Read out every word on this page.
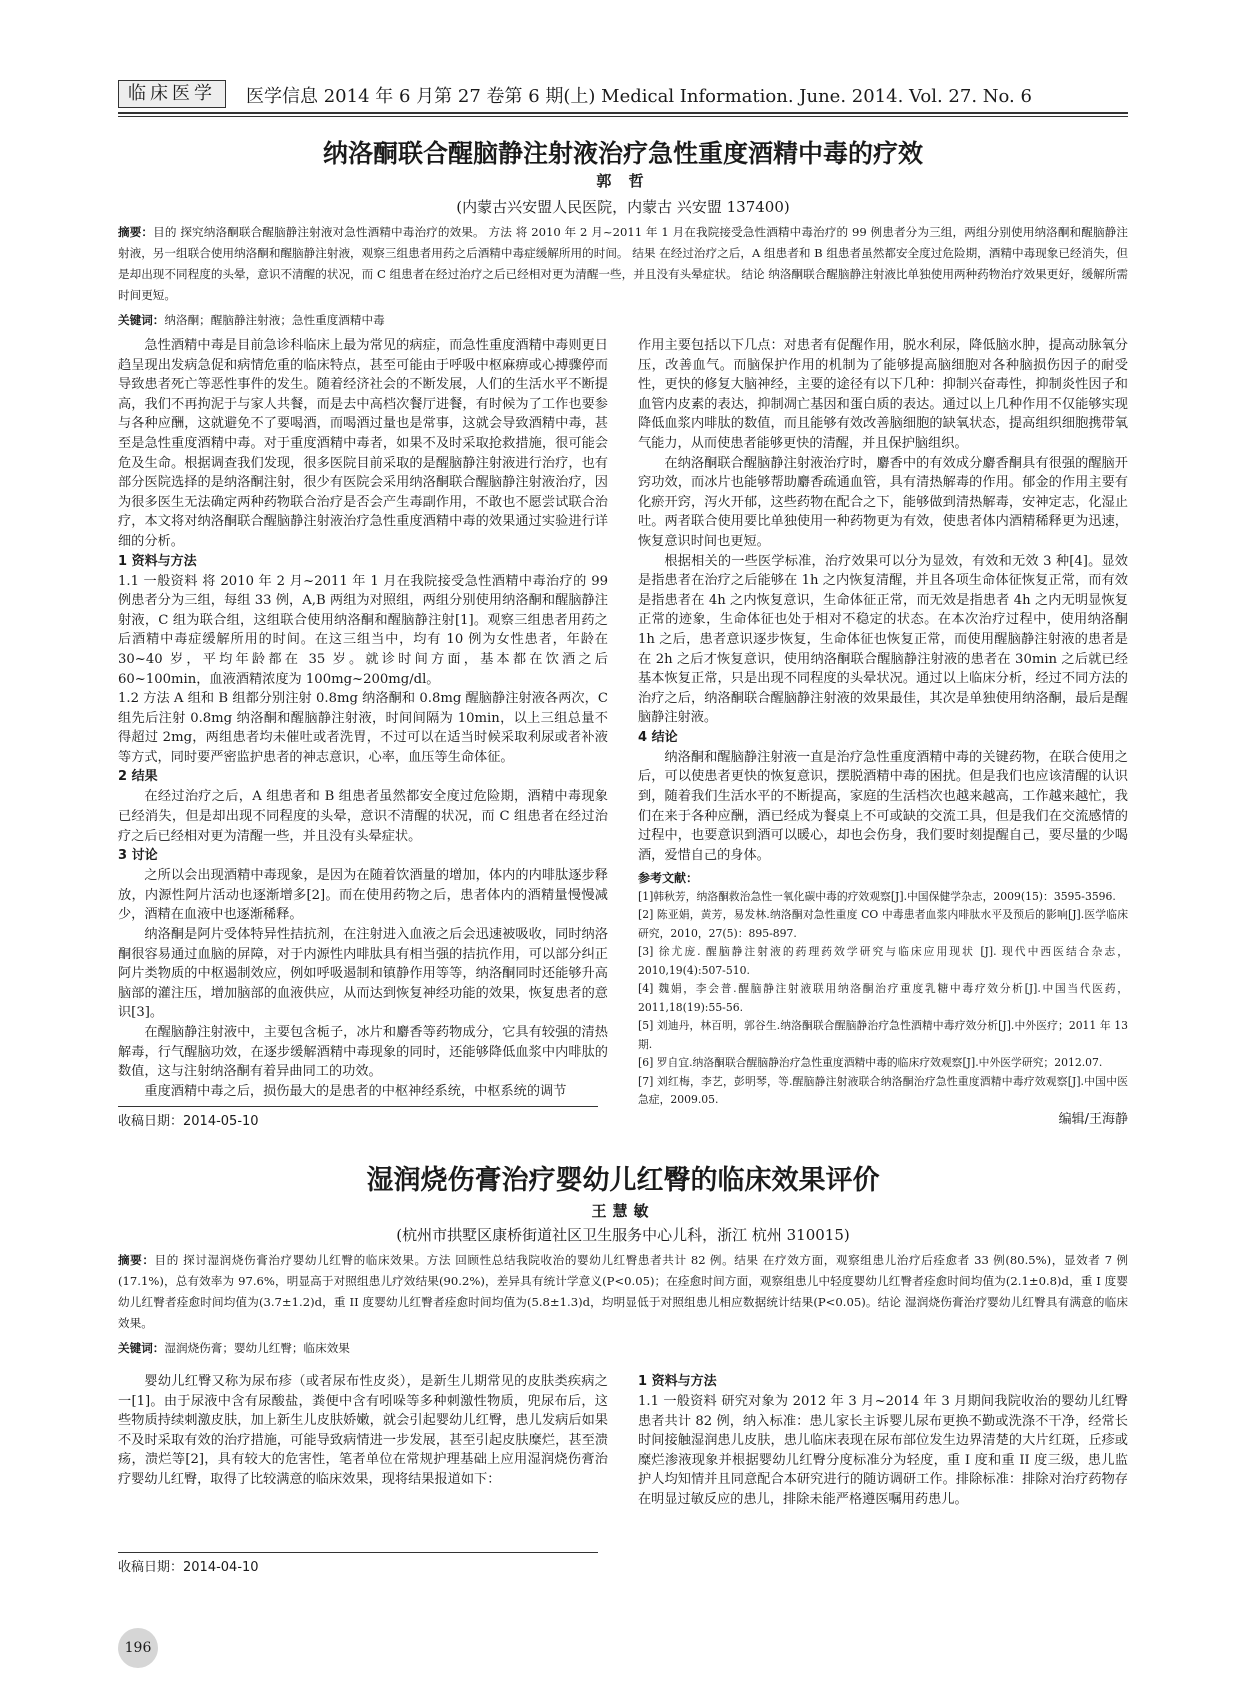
临床医学	医学信息 2014 年 6 月第 27 卷第 6 期(上) Medical Information. June. 2014. Vol. 27. No. 6
纳洛酮联合醒脑静注射液治疗急性重度酒精中毒的疗效
郭 哲
(内蒙古兴安盟人民医院，内蒙古 兴安盟 137400)
摘要：目的 探究纳洛酮联合醒脑静注射液对急性酒精中毒治疗的效果。 方法 将 2010 年 2 月~2011 年 1 月在我院接受急性酒精中毒治疗的 99 例患者分为三组，两组分别使用纳洛酮和醒脑静注射液，另一组联合使用纳洛酮和醒脑静注射液，观察三组患者用药之后酒精中毒症缓解所用的时间。 结果 在经过治疗之后，A 组患者和 B 组患者虽然都安全度过危险期，酒精中毒现象已经消失，但是却出现不同程度的头晕，意识不清醒的状况，而 C 组患者在经过治疗之后已经相对更为清醒一些，并且没有头晕症状。 结论 纳洛酮联合醒脑静注射液比单独使用两种药物治疗效果更好，缓解所需时间更短。
关键词：纳洛酮；醒脑静注射液；急性重度酒精中毒

急性酒精中毒是目前急诊科临床上最为常见的病症，而急性重度酒精中毒则更日趋呈现出发病急促和病情危重的临床特点，甚至可能由于呼吸中枢麻痹或心搏骤停而导致患者死亡等恶性事件的发生。随着经济社会的不断发展，人们的生活水平不断提高，我们不再拘泥于与家人共餐，而是去中高档次餐厅进餐，有时候为了工作也要参与各种应酬，这就避免不了要喝酒，而喝酒过量也是常事，这就会导致酒精中毒，甚至是急性重度酒精中毒。对于重度酒精中毒者，如果不及时采取抢救措施，很可能会危及生命。根据调查我们发现，很多医院目前采取的是醒脑静注射液进行治疗，也有部分医院选择的是纳洛酮注射，很少有医院会采用纳洛酮联合醒脑静注射液治疗，因为很多医生无法确定两种药物联合治疗是否会产生毒副作用，不敢也不愿尝试联合治疗，本文将对纳洛酮联合醒脑静注射液治疗急性重度酒精中毒的效果通过实验进行详细的分析。

1 资料与方法

1.1 一般资料 将 2010 年 2 月~2011 年 1 月在我院接受急性酒精中毒治疗的 99 例患者分为三组，每组 33 例，A,B 两组为对照组，两组分别使用纳洛酮和醒脑静注射液，C 组为联合组，这组联合使用纳洛酮和醒脑静注射[1]。观察三组患者用药之后酒精中毒症缓解所用的时间。在这三组当中，均有 10 例为女性患者，年龄在 30~40 岁，平均年龄都在 35 岁。就诊时间方面，基本都在饮酒之后 60~100min，血液酒精浓度为 100mg~200mg/dl。

1.2 方法 A 组和 B 组都分别注射 0.8mg 纳洛酮和 0.8mg 醒脑静注射液各两次，C 组先后注射 0.8mg 纳洛酮和醒脑静注射液，时间间隔为 10min，以上三组总量不得超过 2mg，两组患者均未催吐或者洗胃，不过可以在适当时候采取利尿或者补液等方式，同时要严密监护患者的神志意识，心率，血压等生命体征。

2 结果

在经过治疗之后，A 组患者和 B 组患者虽然都安全度过危险期，酒精中毒现象已经消失，但是却出现不同程度的头晕，意识不清醒的状况，而 C 组患者在经过治疗之后已经相对更为清醒一些，并且没有头晕症状。

3 讨论

之所以会出现酒精中毒现象，是因为在随着饮酒量的增加，体内的内啡肽逐步释放，内源性阿片活动也逐渐增多[2]。而在使用药物之后，患者体内的酒精量慢慢减少，酒精在血液中也逐渐稀释。

纳洛酮是阿片受体特异性拮抗剂，在注射进入血液之后会迅速被吸收，同时纳洛酮很容易通过血脑的屏障，对于内源性内啡肽具有相当强的拮抗作用，可以部分纠正阿片类物质的中枢遏制效应，例如呼吸遏制和镇静作用等等，纳洛酮同时还能够升高脑部的灌注压，增加脑部的血液供应，从而达到恢复神经功能的效果，恢复患者的意识[3]。

在醒脑静注射液中，主要包含栀子，冰片和麝香等药物成分，它具有较强的清热解毒，行气醒脑功效，在逐步缓解酒精中毒现象的同时，还能够降低血浆中内啡肽的数值，这与注射纳洛酮有着异曲同工的功效。

重度酒精中毒之后，损伤最大的是患者的中枢神经系统，中枢系统的调节

作用主要包括以下几点：对患者有促醒作用，脱水利尿，降低脑水肿，提高动脉氧分压，改善血气。而脑保护作用的机制为了能够提高脑细胞对各种脑损伤因子的耐受性，更快的修复大脑神经，主要的途径有以下几种：抑制兴奋毒性，抑制炎性因子和血管内皮素的表达，抑制凋亡基因和蛋白质的表达。通过以上几种作用不仅能够实现降低血浆内啡肽的数值，而且能够有效改善脑细胞的缺氧状态，提高组织细胞携带氧气能力，从而使患者能够更快的清醒，并且保护脑组织。

在纳洛酮联合醒脑静注射液治疗时，麝香中的有效成分麝香酮具有很强的醒脑开窍功效，而冰片也能够帮助麝香疏通血管，具有清热解毒的作用。郁金的作用主要有化瘀开窍，泻火开郁，这些药物在配合之下，能够做到清热解毒，安神定志，化湿止吐。两者联合使用要比单独使用一种药物更为有效，使患者体内酒精稀释更为迅速，恢复意识时间也更短。

根据相关的一些医学标准，治疗效果可以分为显效，有效和无效 3 种[4]。显效是指患者在治疗之后能够在 1h 之内恢复清醒，并且各项生命体征恢复正常，而有效是指患者在 4h 之内恢复意识，生命体征正常，而无效是指患者 4h 之内无明显恢复正常的迹象，生命体征也处于相对不稳定的状态。在本次治疗过程中，使用纳洛酮 1h 之后，患者意识逐步恢复，生命体征也恢复正常，而使用醒脑静注射液的患者是在 2h 之后才恢复意识，使用纳洛酮联合醒脑静注射液的患者在 30min 之后就已经基本恢复正常，只是出现不同程度的头晕状况。通过以上临床分析，经过不同方法的治疗之后，纳洛酮联合醒脑静注射液的效果最佳，其次是单独使用纳洛酮，最后是醒脑静注射液。

4 结论

纳洛酮和醒脑静注射液一直是治疗急性重度酒精中毒的关键药物，在联合使用之后，可以使患者更快的恢复意识，摆脱酒精中毒的困扰。但是我们也应该清醒的认识到，随着我们生活水平的不断提高，家庭的生活档次也越来越高，工作越来越忙，我们在来于各种应酬，酒已经成为餐桌上不可或缺的交流工具，但是我们在交流感情的过程中，也要意识到酒可以暖心，却也会伤身，我们要时刻提醒自己，要尽量的少喝酒，爱惜自己的身体。

参考文献：

[1]韩秋芳，纳洛酮救治急性一氧化碳中毒的疗效观察[J].中国保健学杂志，2009(15)：3595-3596.

[2] 陈亚娟，黄芳，易发林.纳洛酮对急性重度 CO 中毒患者血浆内啡肽水平及预后的影响[J].医学临床研究，2010，27(5)：895-897.

[3] 徐尤庞. 醒脑静注射液的药理药效学研究与临床应用现状 [J]. 现代中西医结合杂志，2010,19(4):507-510.

[4] 魏娟，李会普.醒脑静注射液联用纳洛酮治疗重度乳糖中毒疗效分析[J].中国当代医药，2011,18(19):55-56.

[5] 刘迪丹，林百明，郭谷生.纳洛酮联合醒脑静治疗急性酒精中毒疗效分析[J].中外医疗；2011 年 13 期.

[6] 罗自宜.纳洛酮联合醒脑静治疗急性重度酒精中毒的临床疗效观察[J].中外医学研究；2012.07.

[7] 刘红梅，李艺，彭明琴，等.醒脑静注射液联合纳洛酮治疗急性重度酒精中毒疗效观察[J].中国中医急症，2009.05.

编辑/王海静
收稿日期：2014-05-10
湿润烧伤膏治疗婴幼儿红臀的临床效果评价
王慧敏
(杭州市拱墅区康桥街道社区卫生服务中心儿科，浙江 杭州 310015)
摘要：目的 探讨湿润烧伤膏治疗婴幼儿红臀的临床效果。方法 回顾性总结我院收治的婴幼儿红臀患者共计 82 例。结果 在疗效方面，观察组患儿治疗后痊愈者 33 例(80.5%)，显效者 7 例(17.1%)，总有效率为 97.6%，明显高于对照组患儿疗效结果(90.2%)，差异具有统计学意义(P<0.05)；在痊愈时间方面，观察组患儿中轻度婴幼儿红臀者痊愈时间均值为(2.1±0.8)d，重 I 度婴幼儿红臀者痊愈时间均值为(3.7±1.2)d，重 II 度婴幼儿红臀者痊愈时间均值为(5.8±1.3)d，均明显低于对照组患儿相应数据统计结果(P<0.05)。结论 湿润烧伤膏治疗婴幼儿红臀具有满意的临床效果。
关键词：湿润烧伤膏；婴幼儿红臀；临床效果

婴幼儿红臀又称为尿布疹（或者尿布性皮炎），是新生儿期常见的皮肤类疾病之一[1]。由于尿液中含有尿酸盐，粪便中含有吲哚等多种刺激性物质，兜尿布后，这些物质持续刺激皮肤，加上新生儿皮肤娇嫩，就会引起婴幼儿红臀，患儿发病后如果不及时采取有效的治疗措施，可能导致病情进一步发展，甚至引起皮肤糜烂，甚至溃疡，溃烂等[2]，具有较大的危害性，笔者单位在常规护理基础上应用湿润烧伤膏治疗婴幼儿红臀，取得了比较满意的临床效果，现将结果报道如下：

1 资料与方法

1.1 一般资料 研究对象为 2012 年 3 月~2014 年 3 月期间我院收治的婴幼儿红臀患者共计 82 例，纳入标准：患儿家长主诉婴儿尿布更换不勤或洗涤不干净，经常长时间接触湿润患儿皮肤，患儿临床表现在尿布部位发生边界清楚的大片红斑，丘疹或糜烂渗液现象并根据婴幼儿红臀分度标准分为轻度，重 I 度和重 II 度三级，患儿监护人均知情并且同意配合本研究进行的随访调研工作。排除标准：排除对治疗药物存在明显过敏反应的患儿，排除未能严格遵医嘱用药患儿。

收稿日期：2014-04-10
196
